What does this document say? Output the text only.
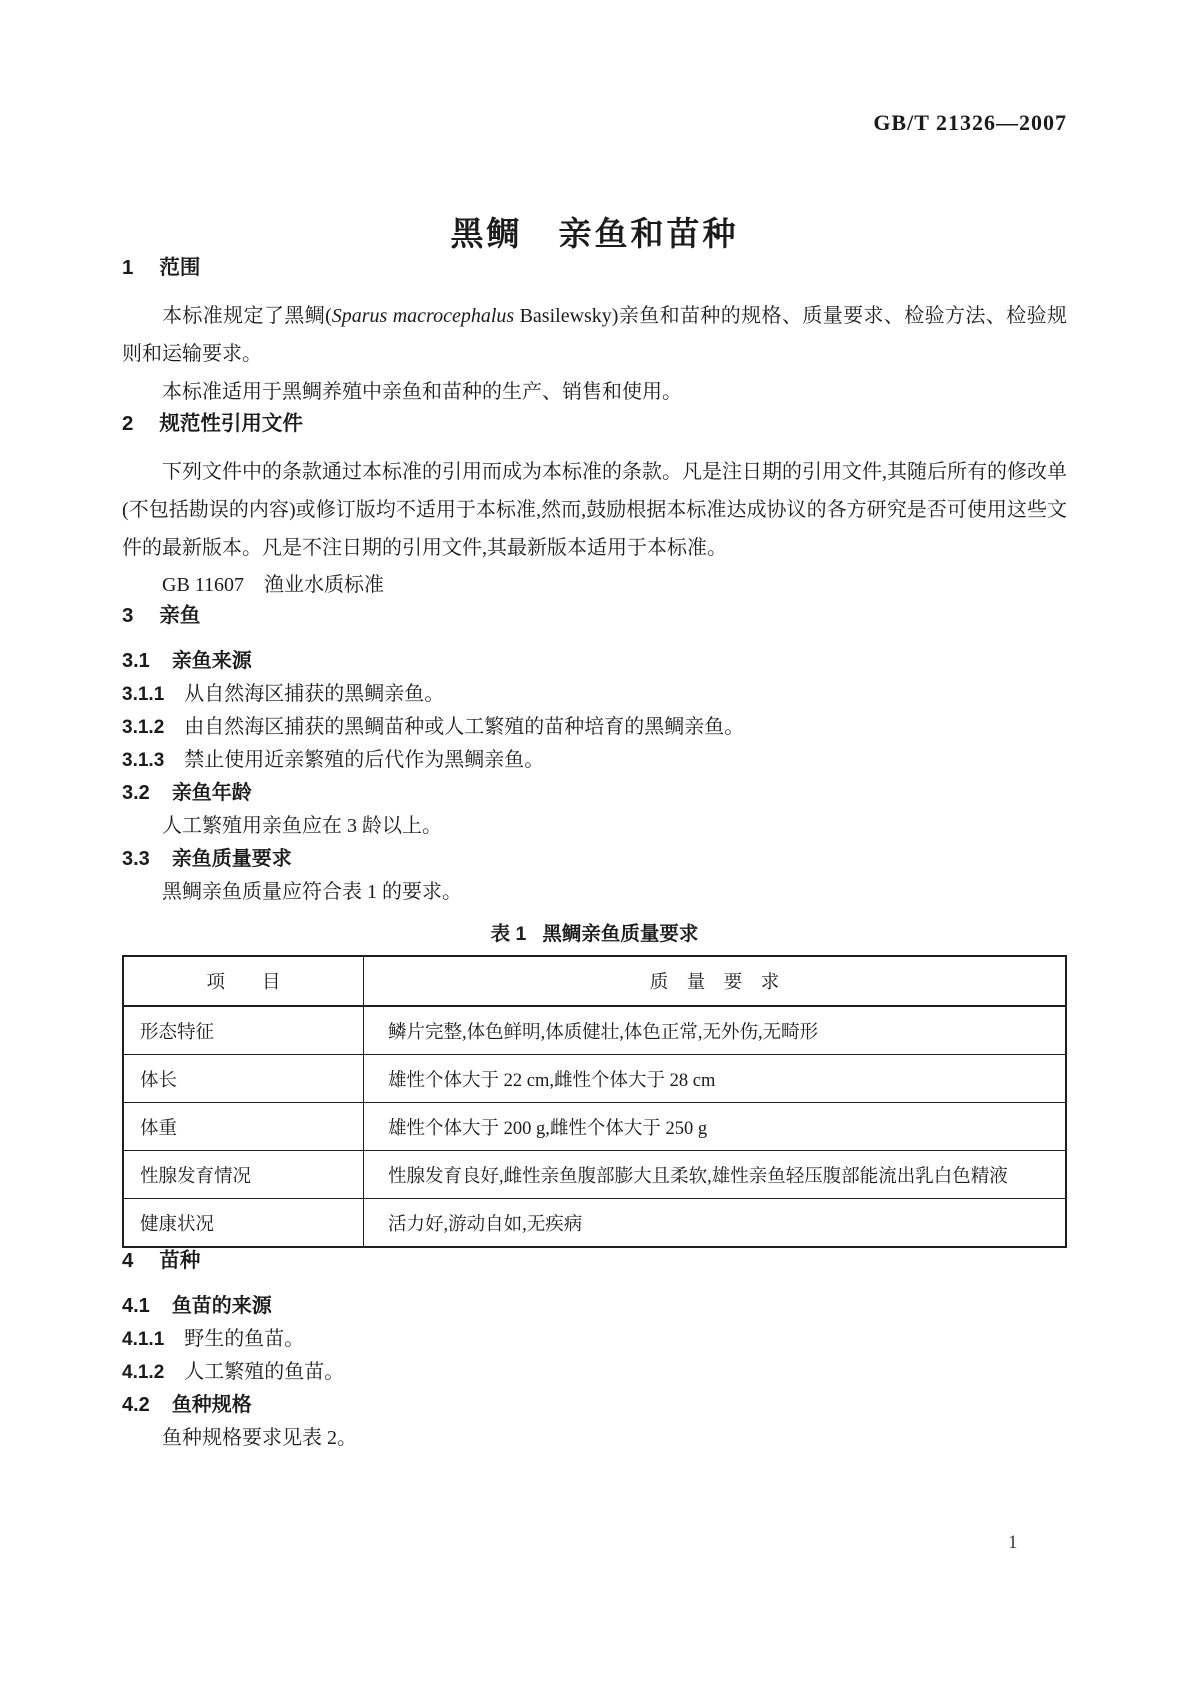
GB/T 21326—2007
黑鲷　亲鱼和苗种
1 范围

本标准规定了黑鲷(Sparus macrocephalus Basilewsky)亲鱼和苗种的规格、质量要求、检验方法、检验规则和运输要求。

本标准适用于黑鲷养殖中亲鱼和苗种的生产、销售和使用。

2 规范性引用文件

下列文件中的条款通过本标准的引用而成为本标准的条款。凡是注日期的引用文件,其随后所有的修改单(不包括勘误的内容)或修订版均不适用于本标准,然而,鼓励根据本标准达成协议的各方研究是否可使用这些文件的最新版本。凡是不注日期的引用文件,其最新版本适用于本标准。

GB 11607　渔业水质标准

3 亲鱼

3.1 亲鱼来源

3.1.1 从自然海区捕获的黑鲷亲鱼。

3.1.2 由自然海区捕获的黑鲷苗种或人工繁殖的苗种培育的黑鲷亲鱼。

3.1.3 禁止使用近亲繁殖的后代作为黑鲷亲鱼。

3.2 亲鱼年龄

人工繁殖用亲鱼应在 3 龄以上。

3.3 亲鱼质量要求

黑鲷亲鱼质量应符合表 1 的要求。

表 1 黑鲷亲鱼质量要求
项　　目	质　量　要　求
形态特征	鳞片完整,体色鲜明,体质健壮,体色正常,无外伤,无畸形
体长	雄性个体大于 22 cm,雌性个体大于 28 cm
体重	雄性个体大于 200 g,雌性个体大于 250 g
性腺发育情况	性腺发育良好,雌性亲鱼腹部膨大且柔软,雄性亲鱼轻压腹部能流出乳白色精液
健康状况	活力好,游动自如,无疾病
4 苗种

4.1 鱼苗的来源

4.1.1 野生的鱼苗。

4.1.2 人工繁殖的鱼苗。

4.2 鱼种规格

鱼种规格要求见表 2。

1
